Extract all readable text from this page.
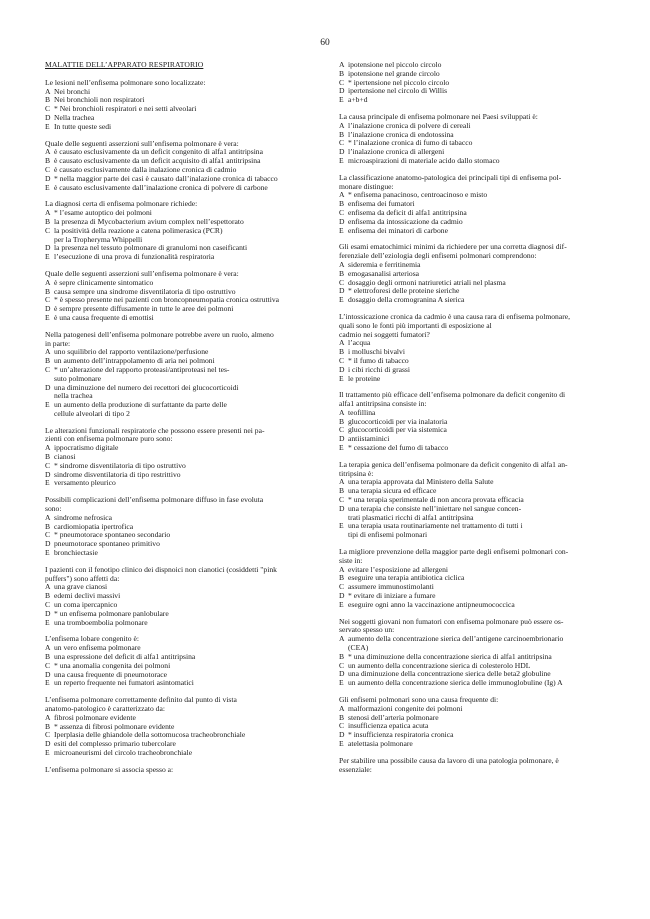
60
MALATTIE DELL’APPARATO RESPIRATORIO
Le lesioni nell’enfisema polmonare sono localizzate:
A Nei bronchi
B Nei bronchioli non respiratori
C * Nei bronchioli respiratori e nei setti alveolari
D Nella trachea
E In tutte queste sedi
Quale delle seguenti asserzioni sull’enfisema polmonare è vera:
A è causato esclusivamente da un deficit congenito di alfa1 antitripsina
B è causato esclusivamente da un deficit acquisito di alfa1 antitripsina
C è causato esclusivamente dalla inalazione cronica di cadmio
D * nella maggior parte dei casi è causato dall’inalazione cronica di tabacco
E è causato esclusivamente dall’inalazione cronica di polvere di carbone
La diagnosi certa di enfisema polmonare richiede:
A * l’esame autoptico dei polmoni
B la presenza di Mycobacterium avium complex nell’espettorato
C la positività della reazione a catena polimerasica (PCR)
per la Tropheryma Whippelli
D la presenza nel tessuto polmonare di granulomi non caseificanti
E l’esecuzione di una prova di funzionalità respiratoria
Quale delle seguenti asserzioni sull’enfisema polmonare è vera:
A è sepre clinicamente sintomatico
B causa sempre una sindrome disventilatoria di tipo ostruttivo
C * è spesso presente nei pazienti con broncopneumopatia cronica ostruttiva
D è sempre presente diffusamente in tutte le aree dei polmoni
E è una causa frequente di emottisi
Nella patogenesi dell’enfisema polmonare potrebbe avere un ruolo, almeno
in parte:
A uno squilibrio del rapporto ventilazione/perfusione
B un aumento dell’intrappolamento di aria nei polmoni
C * un’alterazione del rapporto proteasi/antiproteasi nel tes-
suto polmonare
D una diminuzione del numero dei recettori dei glucocorticoidi
nella trachea
E un aumento della produzione di surfattante da parte delle
cellule alveolari di tipo 2
Le alterazioni funzionali respiratorie che possono essere presenti nei pa-
zienti con enfisema polmonare puro sono:
A ippocratismo digitale
B cianosi
C * sindrome disventilatoria di tipo ostruttivo
D sindrome disventilatoria di tipo restrittivo
E versamento pleurico
Possibili complicazioni dell’enfisema polmonare diffuso in fase evoluta
sono:
A sindrome nefrosica
B cardiomiopatia ipertrofica
C * pneumotorace spontaneo secondario
D pneumotorace spontaneo primitivo
E bronchiectasie
I pazienti con il fenotipo clinico dei dispnoici non cianotici (cosiddetti "pink
puffers") sono affetti da:
A una grave cianosi
B edemi declivi massivi
C un coma ipercapnico
D * un enfisema polmonare panlobulare
E una tromboembolia polmonare
L’enfisema lobare congenito è:
A un vero enfisema polmonare
B una espressione del deficit di alfa1 antitripsina
C * una anomalia congenita dei polmoni
D una causa frequente di pneumotorace
E un reperto frequente nei fumatori asintomatici
L’enfisema polmonare correttamente definito dal punto di vista
anatomo-patologico è caratterizzato da:
A fibrosi polmonare evidente
B * assenza di fibrosi polmonare evidente
C Iperplasia delle ghiandole della sottomucosa tracheobronchiale
D esiti del complesso primario tubercolare
E microaneurismi del circolo tracheobronchiale
L’enfisema polmonare si associa spesso a:
A ipotensione nel piccolo circolo
B ipotensione nel grande circolo
C * ipertensione nel piccolo circolo
D ipertensione nel circolo di Willis
E a+b+d
La causa principale di enfisema polmonare nei Paesi sviluppati è:
A l’inalazione cronica di polvere di cereali
B l’inalazione cronica di endotossina
C * l’inalazione cronica di fumo di tabacco
D l’inalazione cronica di allergeni
E microaspirazioni di materiale acido dallo stomaco
La classificazione anatomo-patologica dei principali tipi di enfisema pol-
monare distingue:
A * enfisema panacinoso, centroacinoso e misto
B enfisema dei fumatori
C enfisema da deficit di alfa1 antitripsina
D enfisema da intossicazione da cadmio
E enfisema dei minatori di carbone
Gli esami ematochimici minimi da richiedere per una corretta diagnosi dif-
ferenziale dell’eziologia degli enfisemi polmonari comprendono:
A sideremia e ferritinemia
B emogasanalisi arteriosa
C dosaggio degli ormoni natriuretici atriali nel plasma
D * elettroforesi delle proteine sieriche
E dosaggio della cromogranina A sierica
L’intossicazione cronica da cadmio è una causa rara di enfisema polmonare,
quali sono le fonti più importanti di esposizione al
cadmio nei soggetti fumatori?
A l’acqua
B i molluschi bivalvi
C * il fumo di tabacco
D i cibi ricchi di grassi
E le proteine
Il trattamento più efficace dell’enfisema polmonare da deficit congenito di
alfa1 antitripsina consiste in:
A teofillina
B glucocorticoidi per via inalatoria
C glucocorticoidi per via sistemica
D antiistaminici
E * cessazione del fumo di tabacco
La terapia genica dell’enfisema polmonare da deficit congenito di alfa1 an-
titripsina è:
A una terapia approvata dal Ministero della Salute
B una terapia sicura ed efficace
C * una terapia sperimentale di non ancora provata efficacia
D una terapia che consiste nell’iniettare nel sangue concen-
trati plasmatici ricchi di alfa1 antitripsina
E una terapia usata routinariamente nel trattamento di tutti i
tipi di enfisemi polmonari
La migliore prevenzione della maggior parte degli enfisemi polmonari con-
siste in:
A evitare l’esposizione ad allergeni
B eseguire una terapia antibiotica ciclica
C assumere immunostimolanti
D * evitare di iniziare a fumare
E eseguire ogni anno la vaccinazione antipneumococcica
Nei soggetti giovani non fumatori con enfisema polmonare può essere os-
servato spesso un:
A aumento della concentrazione sierica dell’antigene carcinoembrionario
(CEA)
B * una diminuzione della concentrazione sierica di alfa1 antitripsina
C un aumento della concentrazione sierica di colesterolo HDL
D una diminuzione della concentrazione sierica delle beta2 globuline
E un aumento della concentrazione sierica delle immunoglobuline (Ig) A
Gli enfisemi polmonari sono una causa frequente di:
A malformazioni congenite dei polmoni
B stenosi dell’arteria polmonare
C insufficienza epatica acuta
D * insufficienza respiratoria cronica
E atelettasia polmonare
Per stabilire una possibile causa da lavoro di una patologia polmonare, è
essenziale:
